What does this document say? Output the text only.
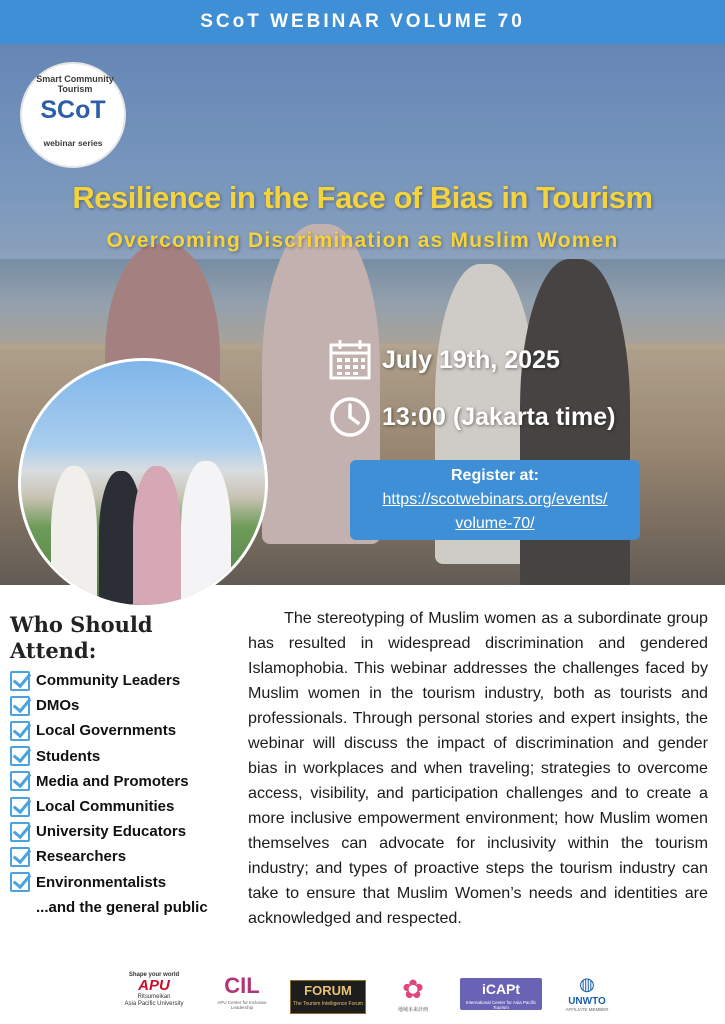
SCoT WEBINAR VOLUME 70
Smart Community Tourism
SCoT
webinar series
Resilience in the Face of Bias in Tourism
Overcoming Discrimination as Muslim Women
July 19th, 2025
13:00 (Jakarta time)
Register at:
https://scotwebinars.org/events/
volume-70/
Who Should
Attend:
Community Leaders
DMOs
Local Governments
Students
Media and Promoters
Local Communities
University Educators
Researchers
Environmentalists
...and the general public

The stereotyping of Muslim women as a subordinate group has resulted in widespread discrimination and gendered Islamophobia. This webinar addresses the challenges faced by Muslim women in the tourism industry, both as tourists and professionals. Through personal stories and expert insights, the webinar will discuss the impact of discrimination and gender bias in workplaces and when traveling; strategies to overcome access, visibility, and participation challenges and to create a more inclusive empowerment environment; how Muslim women themselves can advocate for inclusivity within the tourism industry; and types of proactive steps the tourism industry can take to ensure that Muslim Women’s needs and identities are acknowledged and respected.

Shape your world
APU
Ritsumeikan
Asia Pacific University
CIL
APU Center for Inclusive Leadership
FORUM
The Tourism Intelligence Forum	✿
地域未来計画
iCAPt
International Center for Asia Pacific Tourism
◍
UNWTO
AFFILIATE MEMBER
